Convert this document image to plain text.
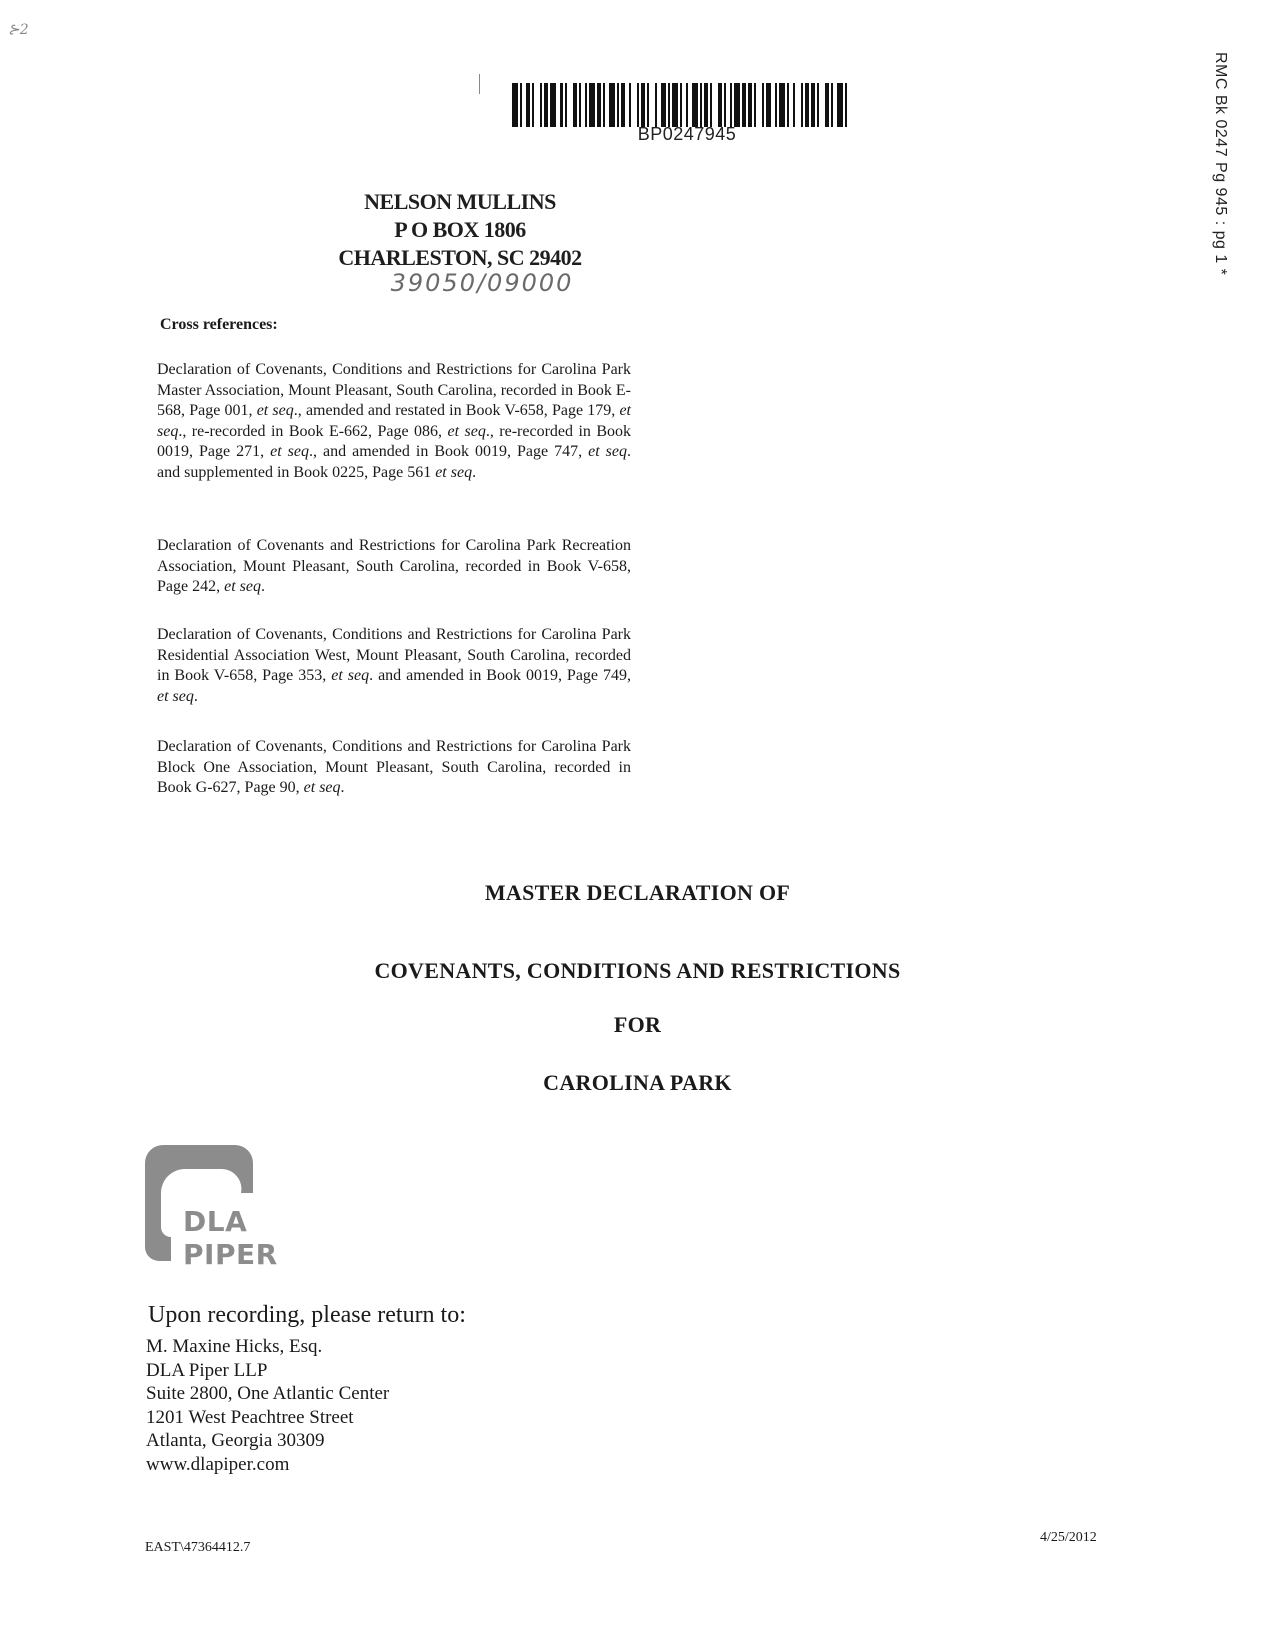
⊱2
BP0247945	RMC Bk 0247 Pg 945 : pg 1 *
NELSON MULLINS
P O BOX 1806
CHARLESTON, SC 29402
39050/09000
Cross references:
Declaration of Covenants, Conditions and Restrictions for Carolina Park Master Association, Mount Pleasant, South Carolina, recorded in Book E-568, Page 001, et seq., amended and restated in Book V-658, Page 179, et seq., re-recorded in Book E-662, Page 086, et seq., re-recorded in Book 0019, Page 271, et seq., and amended in Book 0019, Page 747, et seq. and supplemented in Book 0225, Page 561 et seq.
Declaration of Covenants and Restrictions for Carolina Park Recreation Association, Mount Pleasant, South Carolina, recorded in Book V-658, Page 242, et seq.
Declaration of Covenants, Conditions and Restrictions for Carolina Park Residential Association West, Mount Pleasant, South Carolina, recorded in Book V-658, Page 353, et seq. and amended in Book 0019, Page 749, et seq.
Declaration of Covenants, Conditions and Restrictions for Carolina Park Block One Association, Mount Pleasant, South Carolina, recorded in Book G-627, Page 90, et seq.
MASTER DECLARATION OF
COVENANTS, CONDITIONS AND RESTRICTIONS
FOR
CAROLINA PARK
DLA PIPER
Upon recording, please return to:
M. Maxine Hicks, Esq.
DLA Piper LLP
Suite 2800, One Atlantic Center
1201 West Peachtree Street
Atlanta, Georgia 30309
www.dlapiper.com
EAST\47364412.7
4/25/2012
